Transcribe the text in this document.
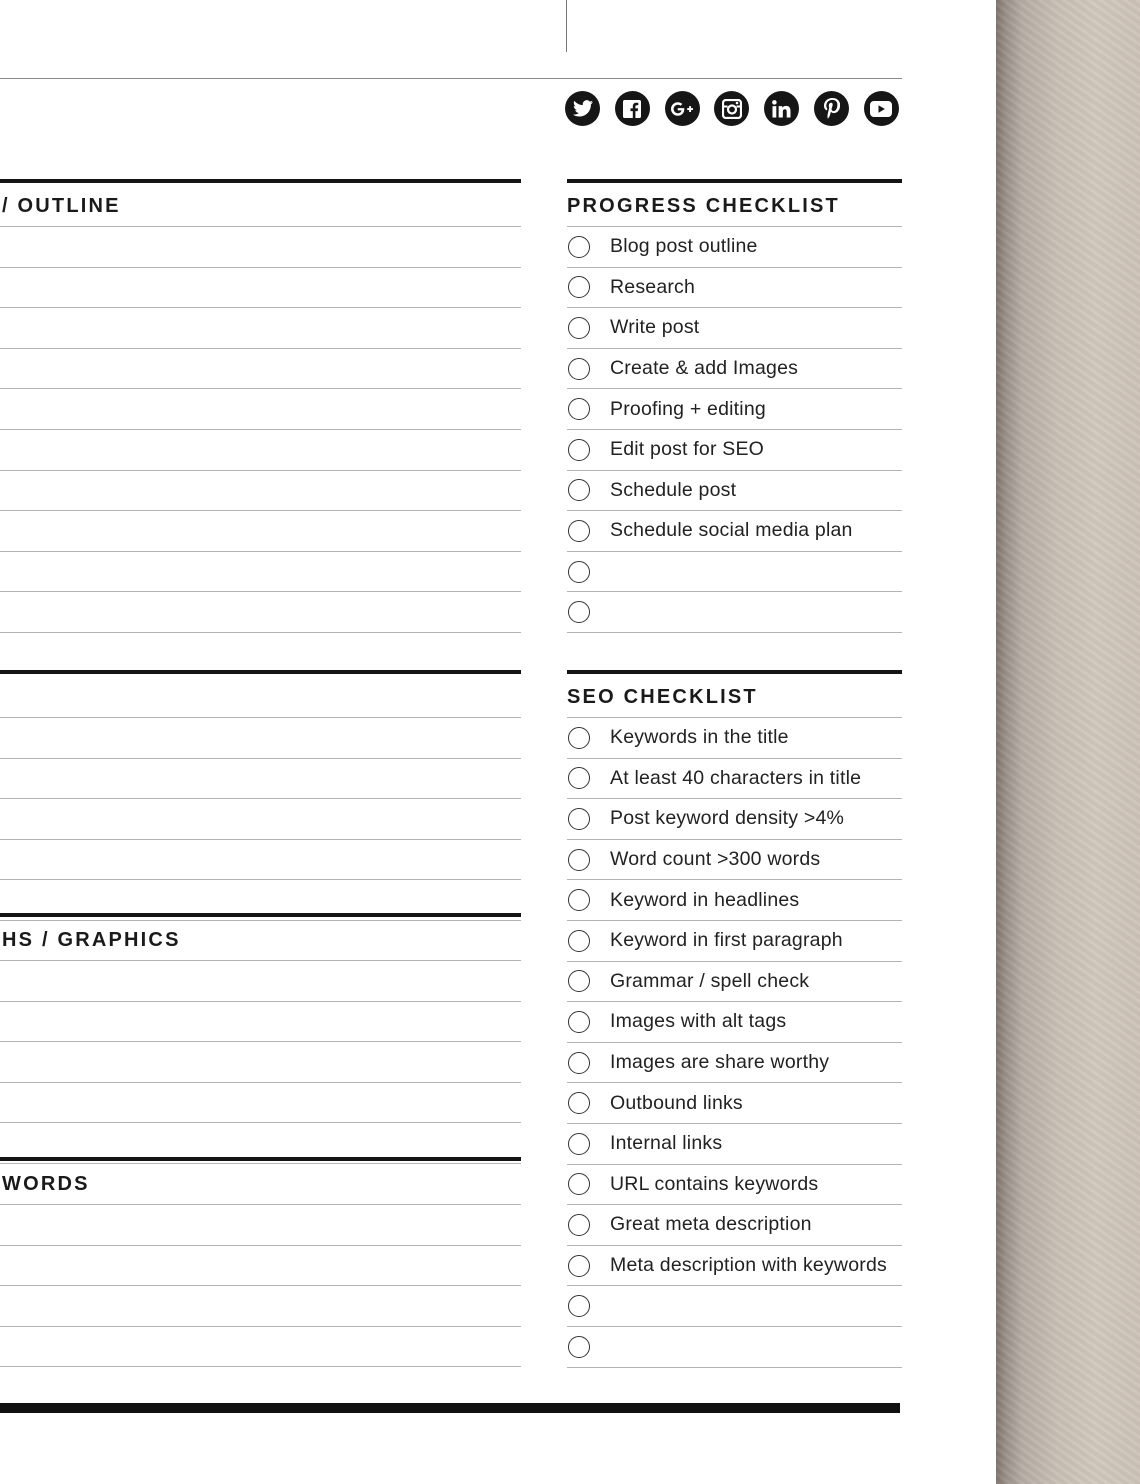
/ OUTLINE
HS / GRAPHICS
WORDS
PROGRESS CHECKLIST
Blog post outline
Research
Write post
Create & add Images
Proofing + editing
Edit post for SEO
Schedule post
Schedule social media plan
SEO CHECKLIST
Keywords in the title
At least 40 characters in title
Post keyword density >4%
Word count >300 words
Keyword in headlines
Keyword in first paragraph
Grammar / spell check
Images with alt tags
Images are share worthy
Outbound links
Internal links
URL contains keywords
Great meta description
Meta description with keywords
